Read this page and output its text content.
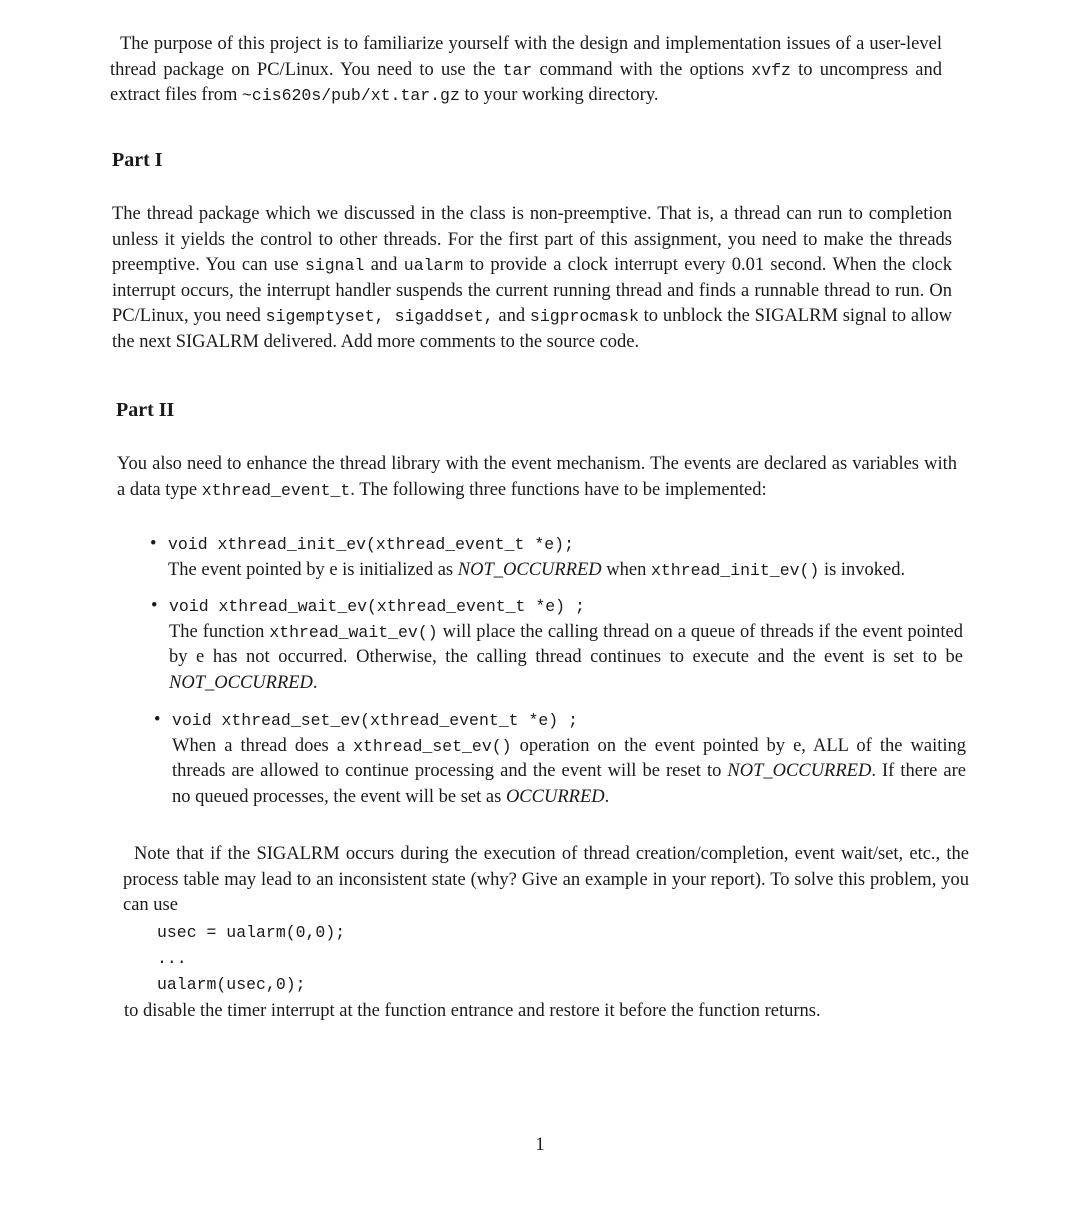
The purpose of this project is to familiarize yourself with the design and implementation issues of a user-level thread package on PC/Linux. You need to use the tar command with the options xvfz to uncompress and extract files from ~cis620s/pub/xt.tar.gz to your working directory.
Part I
The thread package which we discussed in the class is non-preemptive. That is, a thread can run to completion unless it yields the control to other threads. For the first part of this assignment, you need to make the threads preemptive. You can use signal and ualarm to provide a clock interrupt every 0.01 second. When the clock interrupt occurs, the interrupt handler suspends the current running thread and finds a runnable thread to run. On PC/Linux, you need sigemptyset, sigaddset, and sigprocmask to unblock the SIGALRM signal to allow the next SIGALRM delivered. Add more comments to the source code.
Part II
You also need to enhance the thread library with the event mechanism. The events are declared as variables with a data type xthread_event_t. The following three functions have to be implemented:
• void xthread_init_ev(xthread_event_t *e);
The event pointed by e is initialized as NOT_OCCURRED when xthread_init_ev() is invoked.
• void xthread_wait_ev(xthread_event_t *e) ;
The function xthread_wait_ev() will place the calling thread on a queue of threads if the event pointed by e has not occurred. Otherwise, the calling thread continues to execute and the event is set to be NOT_OCCURRED.
• void xthread_set_ev(xthread_event_t *e) ;
When a thread does a xthread_set_ev() operation on the event pointed by e, ALL of the waiting threads are allowed to continue processing and the event will be reset to NOT_OCCURRED. If there are no queued processes, the event will be set as OCCURRED.
Note that if the SIGALRM occurs during the execution of thread creation/completion, event wait/set, etc., the process table may lead to an inconsistent state (why? Give an example in your report). To solve this problem, you can use
usec = ualarm(0,0);
...
ualarm(usec,0);
to disable the timer interrupt at the function entrance and restore it before the function returns.
1
